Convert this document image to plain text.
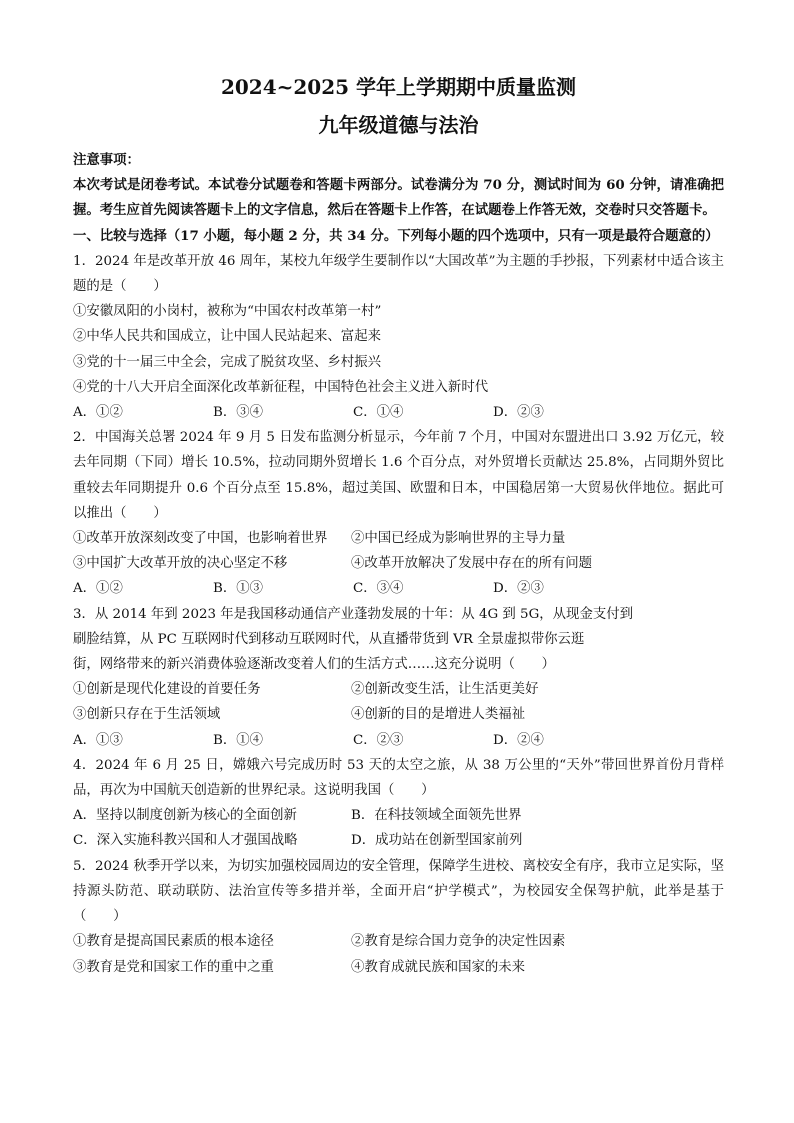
2024~2025 学年上学期期中质量监测
九年级道德与法治

注意事项：

本次考试是闭卷考试。本试卷分试题卷和答题卡两部分。试卷满分为 70 分，测试时间为 60 分钟，请准确把握。考生应首先阅读答题卡上的文字信息，然后在答题卡上作答，在试题卷上作答无效，交卷时只交答题卡。

一、比较与选择（17 小题，每小题 2 分，共 34 分。下列每小题的四个选项中，只有一项是最符合题意的）

1．2024 年是改革开放 46 周年，某校九年级学生要制作以“大国改革”为主题的手抄报，下列素材中适合该主题的是（　　）

①安徽凤阳的小岗村，被称为“中国农村改革第一村”

②中华人民共和国成立，让中国人民站起来、富起来

③党的十一届三中全会，完成了脱贫攻坚、乡村振兴

④党的十八大开启全面深化改革新征程，中国特色社会主义进入新时代

A．①②	B．③④	C．①④	D．②③

2．中国海关总署 2024 年 9 月 5 日发布监测分析显示，今年前 7 个月，中国对东盟进出口 3.92 万亿元，较去年同期（下同）增长 10.5%，拉动同期外贸增长 1.6 个百分点，对外贸增长贡献达 25.8%，占同期外贸比重较去年同期提升 0.6 个百分点至 15.8%，超过美国、欧盟和日本，中国稳居第一大贸易伙伴地位。据此可以推出（　　）

①改革开放深刻改变了中国，也影响着世界	②中国已经成为影响世界的主导力量
③中国扩大改革开放的决心坚定不移	④改革开放解决了发展中存在的所有问题
A．①②	B．①③	C．③④	D．②③

3．从 2014 年到 2023 年是我国移动通信产业蓬勃发展的十年：从 4G 到 5G，从现金支付到

刷脸结算，从 PC 互联网时代到移动互联网时代，从直播带货到 VR 全景虚拟带你云逛

街，网络带来的新兴消费体验逐渐改变着人们的生活方式……这充分说明（　　）

①创新是现代化建设的首要任务	②创新改变生活，让生活更美好
③创新只存在于生活领域	④创新的目的是增进人类福祉
A．①③	B．①④	C．②③	D．②④

4．2024 年 6 月 25 日，嫦娥六号完成历时 53 天的太空之旅，从 38 万公里的“天外”带回世界首份月背样品，再次为中国航天创造新的世界纪录。这说明我国（　　）

A．坚持以制度创新为核心的全面创新	B．在科技领域全面领先世界
C．深入实施科教兴国和人才强国战略	D．成功站在创新型国家前列

5．2024 秋季开学以来，为切实加强校园周边的安全管理，保障学生进校、离校安全有序，我市立足实际，坚持源头防范、联动联防、法治宣传等多措并举，全面开启“护学模式”，为校园安全保驾护航，此举是基于（　　）

①教育是提高国民素质的根本途径	②教育是综合国力竞争的决定性因素
③教育是党和国家工作的重中之重	④教育成就民族和国家的未来
